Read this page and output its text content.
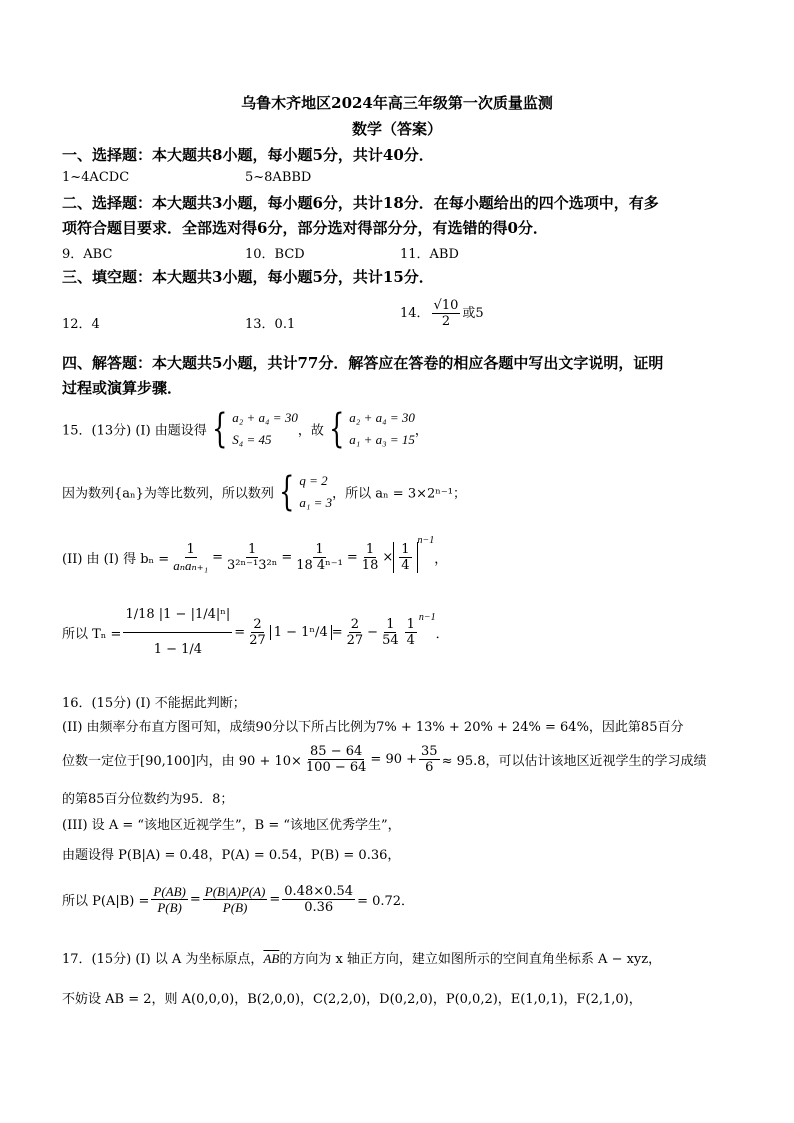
乌鲁木齐地区2024年高三年级第一次质量监测
数学（答案）
一、选择题：本大题共8小题，每小题5分，共计40分．
1~4ACDC	5~8ABBD
二、选择题：本大题共3小题，每小题6分，共计18分．在每小题给出的四个选项中，有多
项符合题目要求．全部选对得6分，部分选对得部分分，有选错的得0分．
9．ABC	10．BCD	11．ABD
三、填空题：本大题共3小题，每小题5分，共计15分．
12．4	13．0.1
14． $\frac{√10}{2}$ 或5
四、解答题：本大题共5小题，共计77分．解答应在答卷的相应各题中写出文字说明，证明
过程或演算步骤．
15．(13分) (I) 由题设得 { a₂ + a₄ = 30
S₄ = 45
，故 { a₂ + a₄ = 30
a₁ + a₃ = 15
，
因为数列{aₙ}为等比数列，所以数列 { q = 2
a₁ = 3
，所以 aₙ = 3×2ⁿ⁻¹；
(II) 由 (I) 得 $b_n = \frac{1}{\text{aₙaₙ₊₁}} = \frac{1}{\text{3²ⁿ⁻¹3²ⁿ}} = \frac{1}{\text{18 4ⁿ⁻¹}} = \frac{1}{18} \times \frac{1}{4}$
$^{n-1}$，
所以 $T_n = \frac{\text{1/18 |1 − |1/4|ⁿ|}}{1 - 1/4} = \frac{2}{27} 1 - 1^n/4 = \frac{2}{27} - \frac{1}{54} \frac{1}{4} ^{n-1}$．
16．(15分) (I) 不能据此判断；
(II) 由频率分布直方图可知，成绩90分以下所占比例为7% + 13% + 20% + 24% = 64%，因此第85百分
位数一定位于[90,100]内，由 $90 + 10\times \frac{85 - 64}{100 - 64} = 90 + \frac{35}{6} \approx 95.8$，可以估计该地区近视学生的学习成绩
的第85百分位数约为95．8；
(III) 设 A = “该地区近视学生”，B = “该地区优秀学生”，
由题设得 P(B|A) = 0.48，P(A) = 0.54，P(B) = 0.36，
所以 $P(A|B) = \frac{P(AB)}{P(B)} = \frac{P(B|A)P(A)}{P(B)} = \frac{0.48\times 0.54}{0.36} = 0.72$．
17．(15分) (I) 以 A 为坐标原点，$\overline{AB}$的方向为 x 轴正方向，建立如图所示的空间直角坐标系 A − xyz，
不妨设 AB = 2，则 A(0,0,0)，B(2,0,0)，C(2,2,0)，D(0,2,0)，P(0,0,2)，E(1,0,1)，F(2,1,0)，
